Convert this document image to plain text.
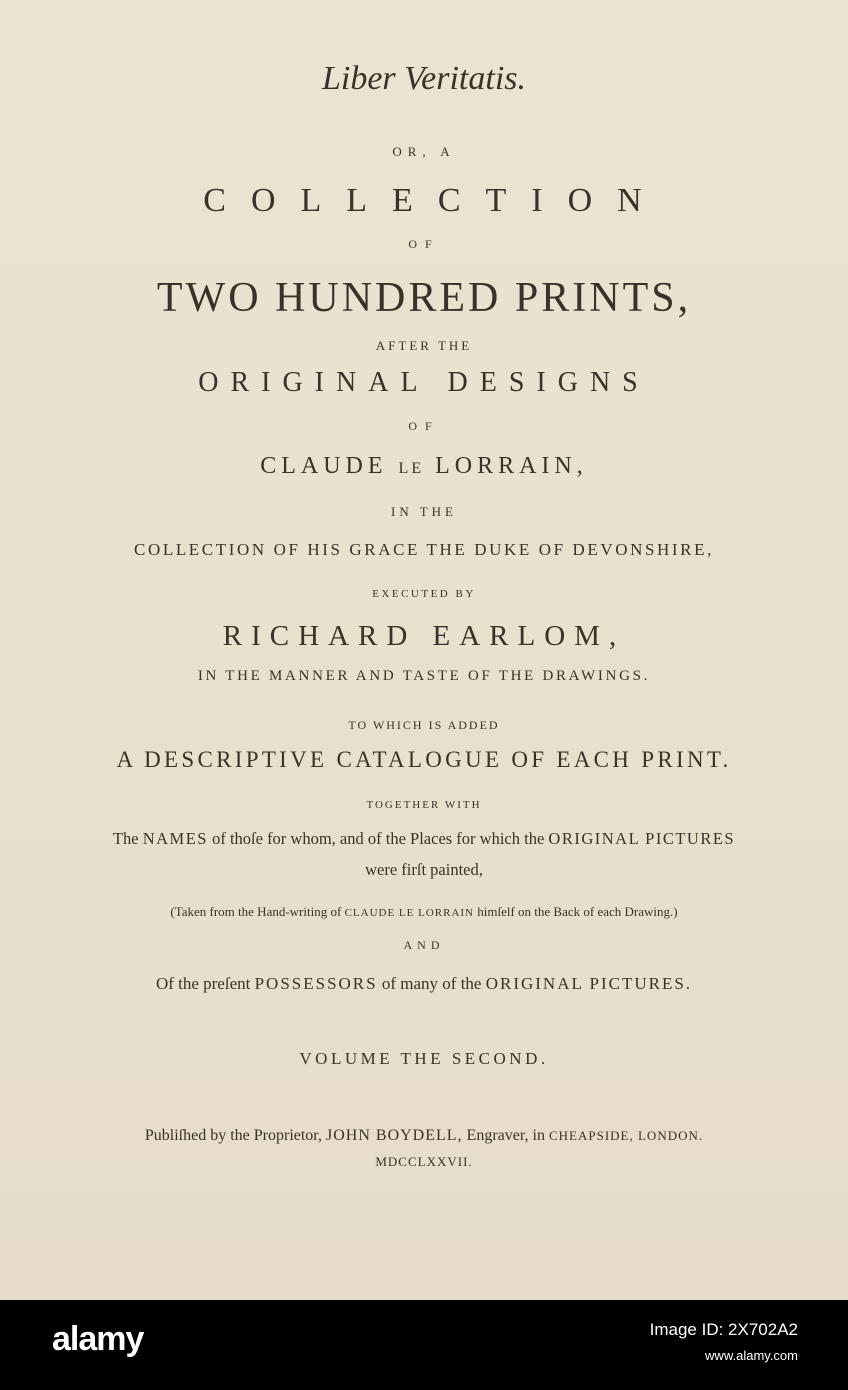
Liber Veritatis.
OR, A
COLLECTION
OF
TWO HUNDRED PRINTS,
AFTER THE
ORIGINAL DESIGNS
OF
CLAUDE LE LORRAIN,
IN THE
COLLECTION OF HIS GRACE THE DUKE OF DEVONSHIRE,
EXECUTED BY
RICHARD EARLOM,
IN THE MANNER AND TASTE OF THE DRAWINGS.
TO WHICH IS ADDED
A DESCRIPTIVE CATALOGUE OF EACH PRINT.
TOGETHER WITH
The NAMES of thoſe for whom, and of the Places for which the ORIGINAL PICTURES
were firſt painted,
(Taken from the Hand-writing of CLAUDE LE LORRAIN himſelf on the Back of each Drawing.)
AND
Of the preſent POSSESSORS of many of the ORIGINAL PICTURES.
VOLUME THE SECOND.
Publiſhed by the Proprietor, JOHN BOYDELL, Engraver, in CHEAPSIDE, LONDON.
MDCCLXXVII.
alamy	Image ID: 2X702A2
www.alamy.com
